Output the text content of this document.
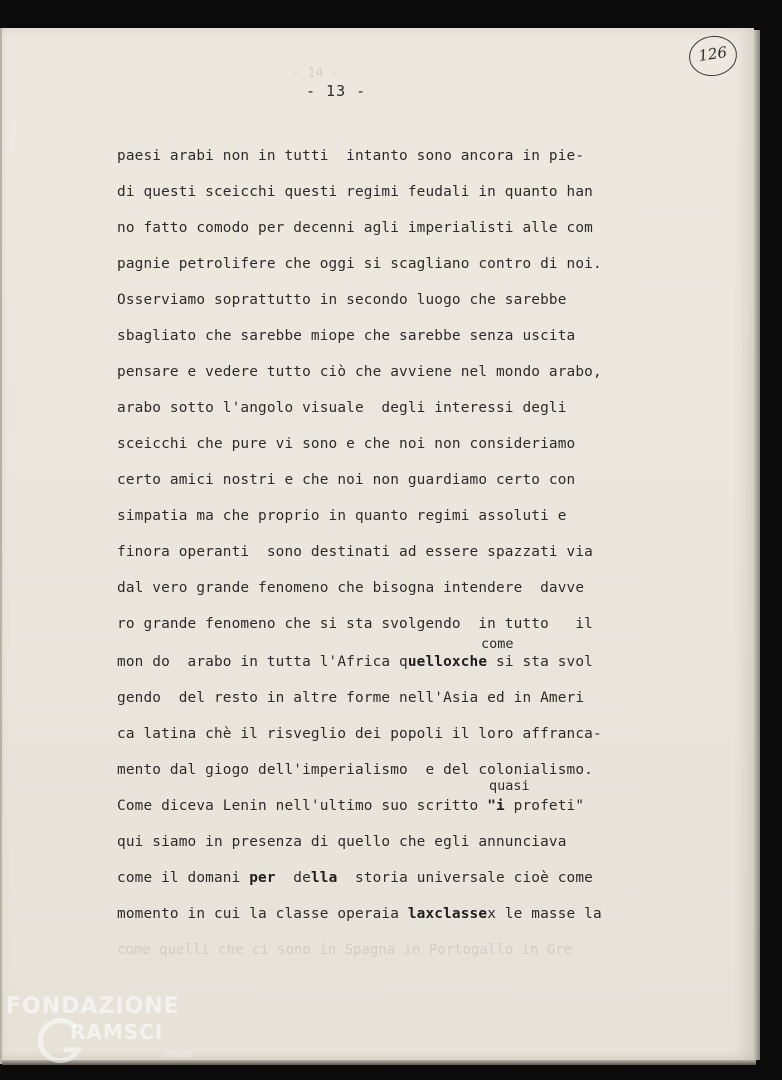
- 14 -
- 13 -
126
paesi arabi non in tutti  intanto sono ancora in pie-
di questi sceicchi questi regimi feudali in quanto han
no fatto comodo per decenni agli imperialisti alle com
pagnie petrolifere che oggi si scagliano contro di noi.
Osserviamo soprattutto in secondo luogo che sarebbe
sbagliato che sarebbe miope che sarebbe senza uscita
pensare e vedere tutto ciò che avviene nel mondo arabo,
arabo sotto l'angolo visuale  degli interessi degli
sceicchi che pure vi sono e che noi non consideriamo
certo amici nostri e che noi non guardiamo certo con
simpatia ma che proprio in quanto regimi assoluti e
finora operanti  sono destinati ad essere spazzati via
dal vero grande fenomeno che bisogna intendere  davve
ro grande fenomeno che si sta svolgendo  in tutto   il
come
mon do  arabo in tutta l'Africa quelloxche si sta svol
gendo  del resto in altre forme nell'Asia ed in Ameri
ca latina chè il risveglio dei popoli il loro affranca-
mento dal giogo dell'imperialismo  e del colonialismo.
quasi
Come diceva Lenin nell'ultimo suo scritto "i profeti"
qui siamo in presenza di quello che egli annunciava
come il domani per  della  storia universale cioè come
momento in cui la classe operaia laxclassex le masse la
come quelli che ci sono in Spagna in Portogallo in Gre
FONDAZIONE
RAMSCI
onlus
